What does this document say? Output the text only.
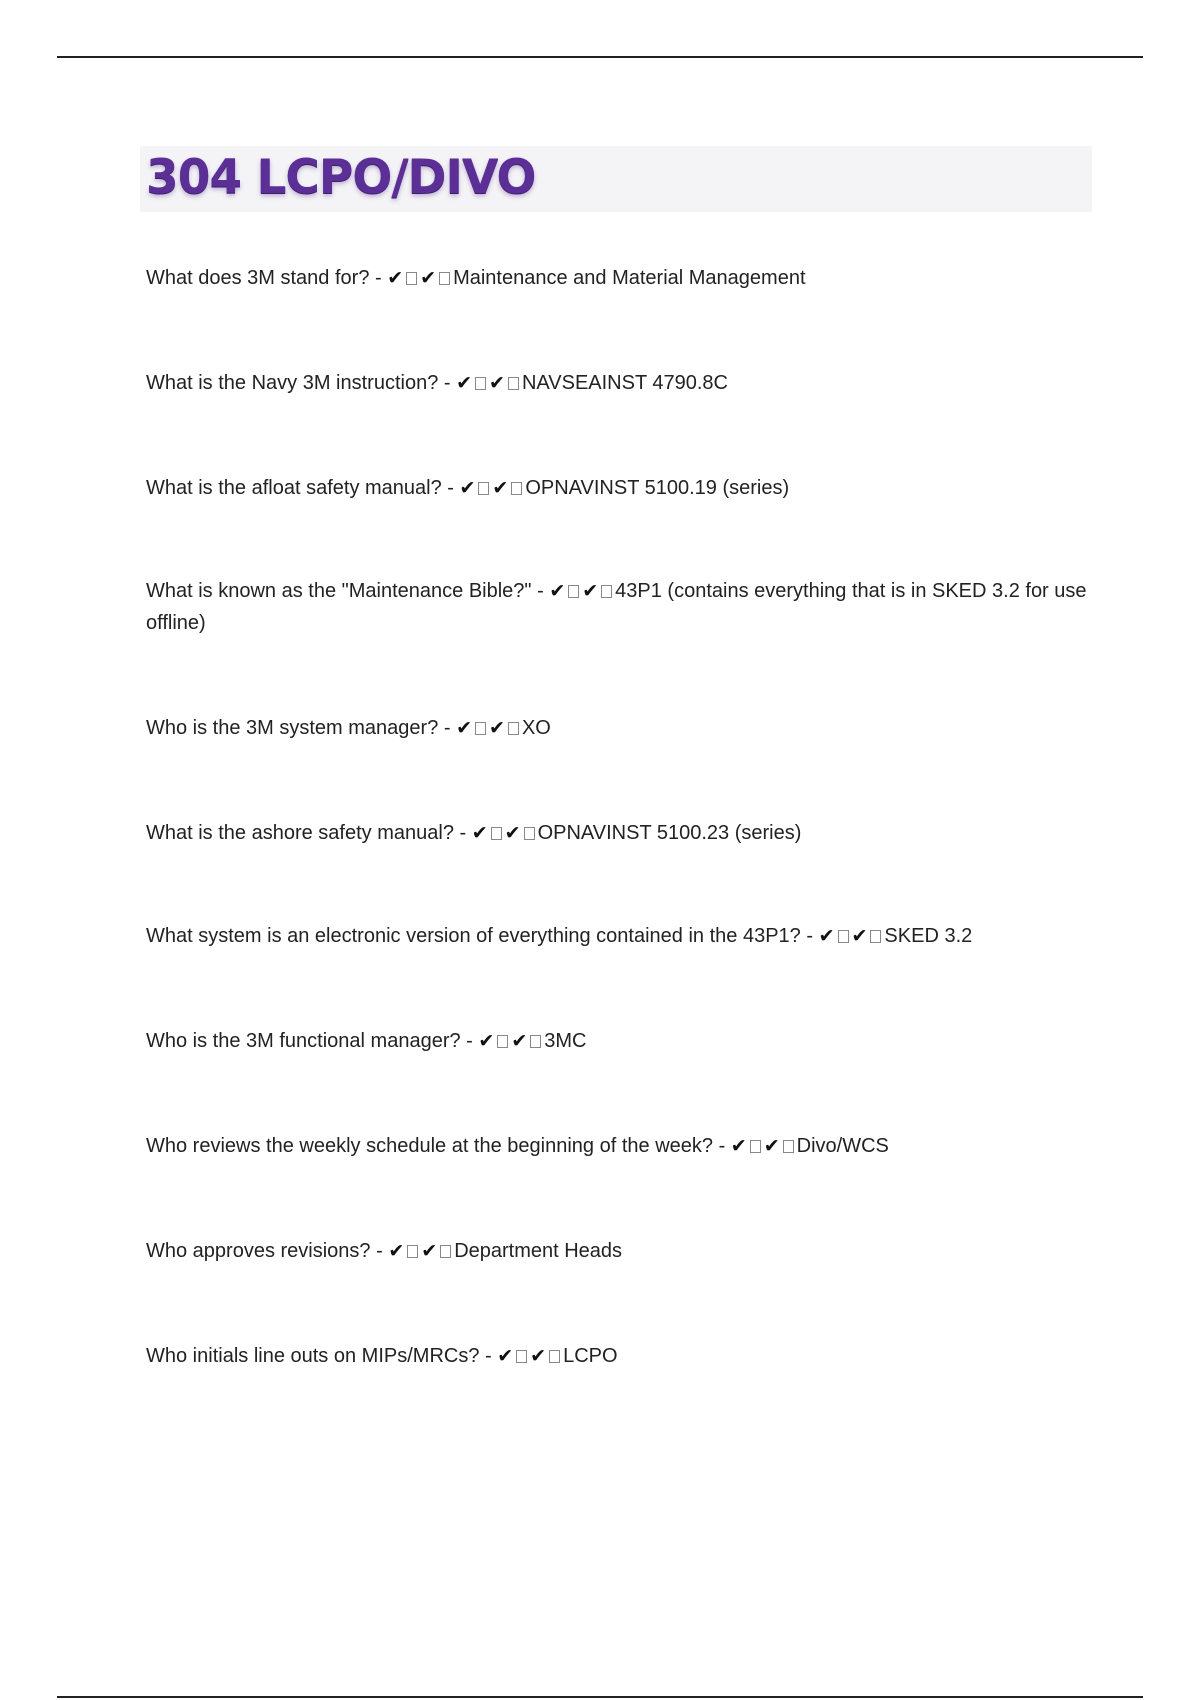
304 LCPO/DIVO
What does 3M stand for? - ✔ ✔ Maintenance and Material Management
What is the Navy 3M instruction? - ✔ ✔ NAVSEAINST 4790.8C
What is the afloat safety manual? - ✔ ✔ OPNAVINST 5100.19 (series)
What is known as the "Maintenance Bible?" - ✔ ✔ 43P1 (contains everything that is in SKED 3.2 for use offline)
Who is the 3M system manager? - ✔ ✔ XO
What is the ashore safety manual? - ✔ ✔ OPNAVINST 5100.23 (series)
What system is an electronic version of everything contained in the 43P1? - ✔ ✔ SKED 3.2
Who is the 3M functional manager? - ✔ ✔ 3MC
Who reviews the weekly schedule at the beginning of the week? - ✔ ✔ Divo/WCS
Who approves revisions? - ✔ ✔ Department Heads
Who initials line outs on MIPs/MRCs? - ✔ ✔ LCPO
